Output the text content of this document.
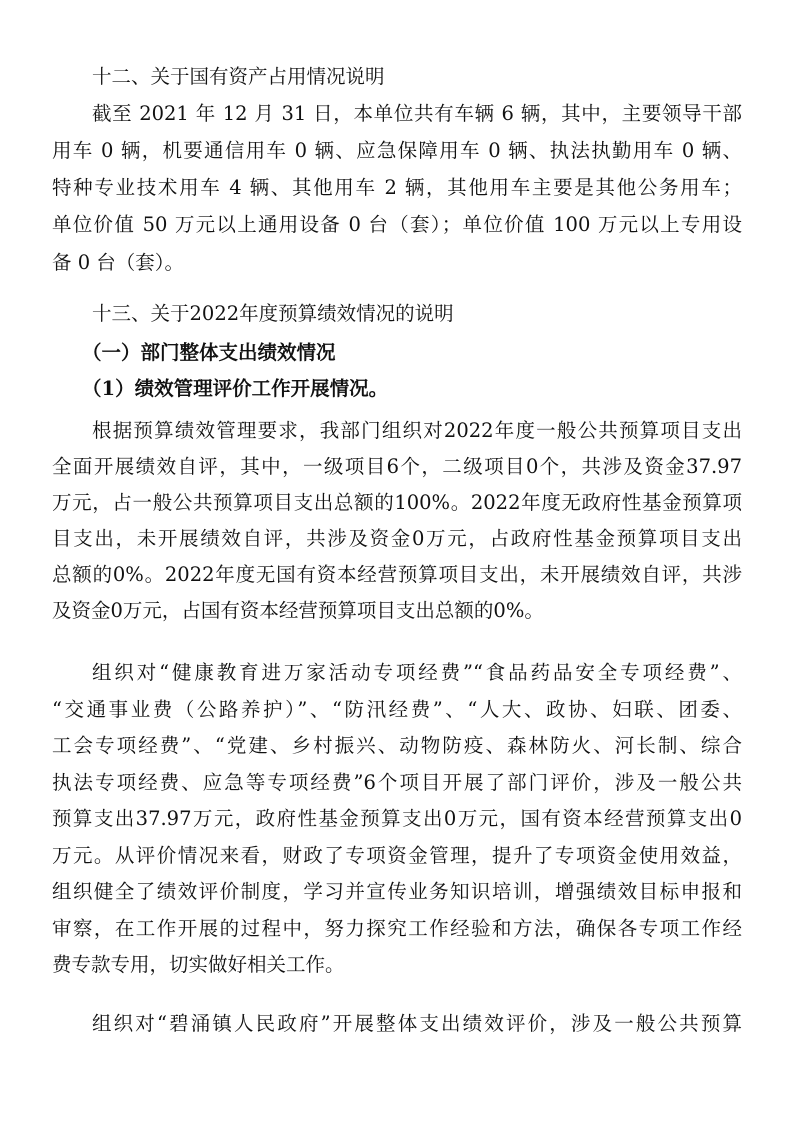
十二、关于国有资产占用情况说明
截至 2021 年 12 月 31 日，本单位共有车辆 6 辆，其中，主要领导干部
用车 0 辆，机要通信用车 0 辆、应急保障用车 0 辆、执法执勤用车 0 辆、
特种专业技术用车 4 辆、其他用车 2 辆，其他用车主要是其他公务用车；
单位价值 50 万元以上通用设备 0 台（套）；单位价值 100 万元以上专用设
备 0 台（套）。
十三、关于2022年度预算绩效情况的说明
（一）部门整体支出绩效情况
（1）绩效管理评价工作开展情况。
根据预算绩效管理要求，我部门组织对2022年度一般公共预算项目支出
全面开展绩效自评，其中，一级项目6个，二级项目0个，共涉及资金37.97
万元，占一般公共预算项目支出总额的100%。2022年度无政府性基金预算项
目支出，未开展绩效自评，共涉及资金0万元，占政府性基金预算项目支出
总额的0%。2022年度无国有资本经营预算项目支出，未开展绩效自评，共涉
及资金0万元，占国有资本经营预算项目支出总额的0%。
组织对“健康教育进万家活动专项经费”“食品药品安全专项经费”、
“交通事业费（公路养护）”、“防汛经费”、“人大、政协、妇联、团委、
工会专项经费”、“党建、乡村振兴、动物防疫、森林防火、河长制、综合
执法专项经费、应急等专项经费”6个项目开展了部门评价，涉及一般公共
预算支出37.97万元，政府性基金预算支出0万元，国有资本经营预算支出0
万元。从评价情况来看，财政了专项资金管理，提升了专项资金使用效益，
组织健全了绩效评价制度，学习并宣传业务知识培训，增强绩效目标申报和
审察，在工作开展的过程中，努力探究工作经验和方法，确保各专项工作经
费专款专用，切实做好相关工作。
组织对“碧涌镇人民政府”开展整体支出绩效评价，涉及一般公共预算
